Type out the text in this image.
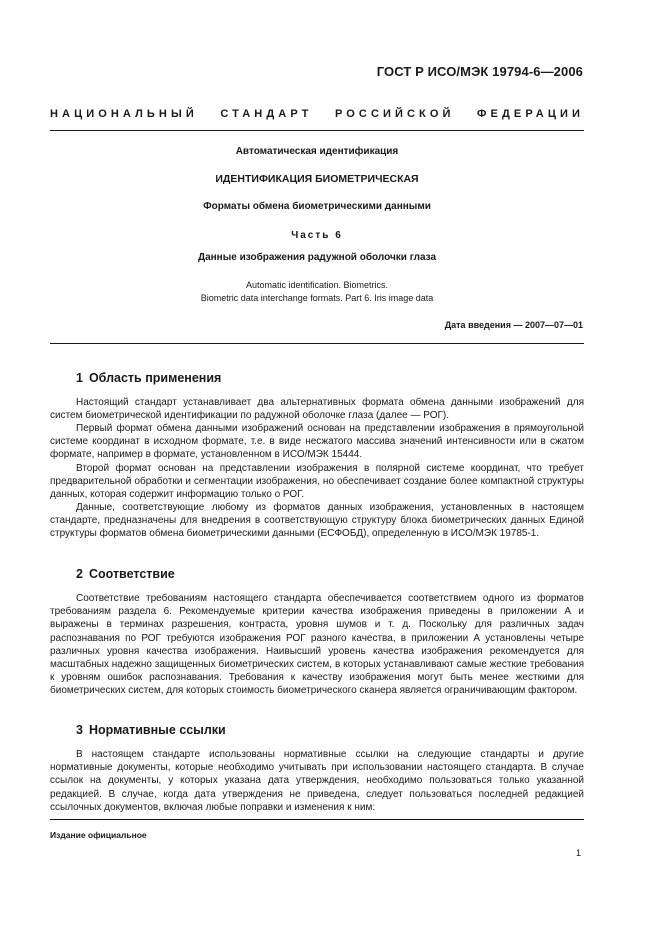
ГОСТ Р ИСО/МЭК 19794-6—2006
НАЦИОНАЛЬНЫЙ СТАНДАРТ РОССИЙСКОЙ ФЕДЕРАЦИИ
Автоматическая идентификация
ИДЕНТИФИКАЦИЯ БИОМЕТРИЧЕСКАЯ
Форматы обмена биометрическими данными
Часть 6
Данные изображения радужной оболочки глаза
Automatic identification. Biometrics.
Biometric data interchange formats. Part 6. Iris image data
Дата введения — 2007—07—01
1 Область применения

Настоящий стандарт устанавливает два альтернативных формата обмена данными изображений для систем биометрической идентификации по радужной оболочке глаза (далее — РОГ).

Первый формат обмена данными изображений основан на представлении изображения в прямоугольной системе координат в исходном формате, т.е. в виде несжатого массива значений интенсивности или в сжатом формате, например в формате, установленном в ИСО/МЭК 15444.

Второй формат основан на представлении изображения в полярной системе координат, что требует предварительной обработки и сегментации изображения, но обеспечивает создание более компактной структуры данных, которая содержит информацию только о РОГ.

Данные, соответствующие любому из форматов данных изображения, установленных в настоящем стандарте, предназначены для внедрения в соответствующую структуру блока биометрических данных Единой структуры форматов обмена биометрическими данными (ЕСФОБД), определенную в ИСО/МЭК 19785-1.

2 Соответствие

Соответствие требованиям настоящего стандарта обеспечивается соответствием одного из форматов требованиям раздела 6. Рекомендуемые критерии качества изображения приведены в приложении А и выражены в терминах разрешения, контраста, уровня шумов и т. д. Поскольку для различных задач распознавания по РОГ требуются изображения РОГ разного качества, в приложении А установлены четыре различных уровня качества изображения. Наивысший уровень качества изображения рекомендуется для масштабных надежно защищенных биометрических систем, в которых устанавливают самые жесткие требования к уровням ошибок распознавания. Требования к качеству изображения могут быть менее жесткими для биометрических систем, для которых стоимость биометрического сканера является ограничивающим фактором.

3 Нормативные ссылки

В настоящем стандарте использованы нормативные ссылки на следующие стандарты и другие нормативные документы, которые необходимо учитывать при использовании настоящего стандарта. В случае ссылок на документы, у которых указана дата утверждения, необходимо пользоваться только указанной редакцией. В случае, когда дата утверждения не приведена, следует пользоваться последней редакцией ссылочных документов, включая любые поправки и изменения к ним:

Издание официальное
1
